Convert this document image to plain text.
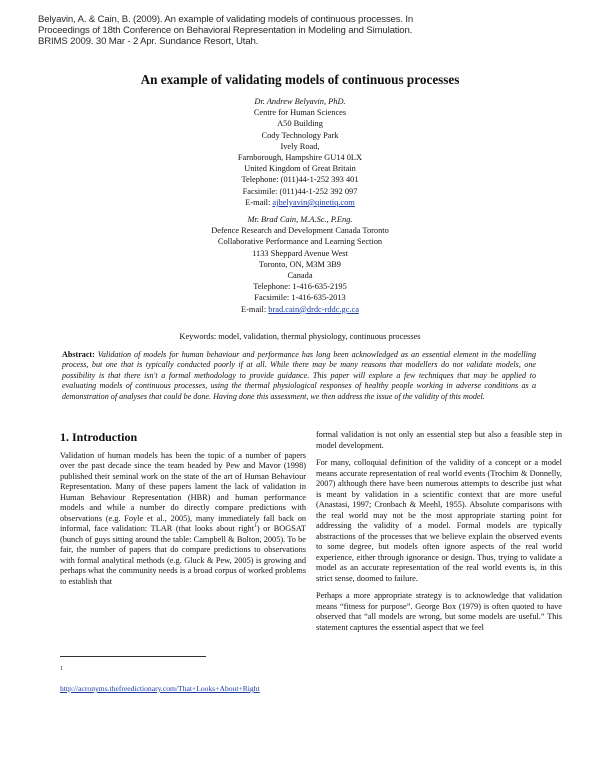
Belyavin, A. & Cain, B. (2009). An example of validating models of continuous processes. In
Proceedings of 18th Conference on Behavioral Representation in Modeling and Simulation.
BRIMS 2009. 30 Mar - 2 Apr. Sundance Resort, Utah.
An example of validating models of continuous processes
Dr. Andrew Belyavin, PhD.
Centre for Human Sciences
A50 Building
Cody Technology Park
Ively Road,
Farnborough, Hampshire GU14 0LX
United Kingdom of Great Britain
Telephone: (011)44-1-252 393 401
Facsimile: (011)44-1-252 392 097
E-mail: ajbelyavin@qinetiq.com
Mr. Brad Cain, M.A.Sc., P.Eng.
Defence Research and Development Canada Toronto
Collaborative Performance and Learning Section
1133 Sheppard Avenue West
Toronto, ON, M3M 3B9
Canada
Telephone: 1-416-635-2195
Facsimile: 1-416-635-2013
E-mail: brad.cain@drdc-rddc.gc.ca
Keywords: model, validation, thermal physiology, continuous processes
Abstract: Validation of models for human behaviour and performance has long been acknowledged as an essential element in the modelling process, but one that is typically conducted poorly if at all. While there may be many reasons that modellers do not validate models, one possibility is that there isn't a formal methodology to provide guidance. This paper will explore a few techniques that may be applied to evaluating models of continuous processes, using the thermal physiological responses of healthy people working in adverse conditions as a demonstration of analyses that could be done. Having done this assessment, we then address the issue of the validity of this model.
1. Introduction
Validation of human models has been the topic of a number of papers over the past decade since the team headed by Pew and Mavor (1998) published their seminal work on the state of the art of Human Behaviour Representation. Many of these papers lament the lack of validation in Human Behaviour Representation (HBR) and human performance models and while a number do directly compare predictions with observations (e.g. Foyle et al., 2005), many immediately fall back on informal, face validation: TLAR (that looks about right$^1$) or BOGSAT (bunch of guys sitting around the table: Campbell & Bolton, 2005). To be fair, the number of papers that do compare predictions to observations with formal analytical methods (e.g. Gluck & Pew, 2005) is growing and perhaps what the community needs is a broad corpus of worked problems to establish that
formal validation is not only an essential step but also a feasible step in model development.
For many, colloquial definition of the validity of a concept or a model means accurate representation of real world events (Trochim & Donnelly, 2007) although there have been numerous attempts to describe just what is meant by validation in a scientific context that are more useful (Anastasi, 1997; Cronbach & Meehl, 1955). Absolute comparisons with the real world may not be the most appropriate starting point for addressing the validity of a model. Formal models are typically abstractions of the processes that we believe explain the observed events to some degree, but models often ignore aspects of the real world experience, either through ignorance or design. Thus, trying to validate a model as an accurate representation of the real world events is, in this strict sense, doomed to failure.
Perhaps a more appropriate strategy is to acknowledge that validation means “fitness for purpose”. George Box (1979) is often quoted to have observed that “all models are wrong, but some models are useful.” This statement captures the essential aspect that we feel
1
http://acronyms.thefreedictionary.com/That+Looks+About+Right
